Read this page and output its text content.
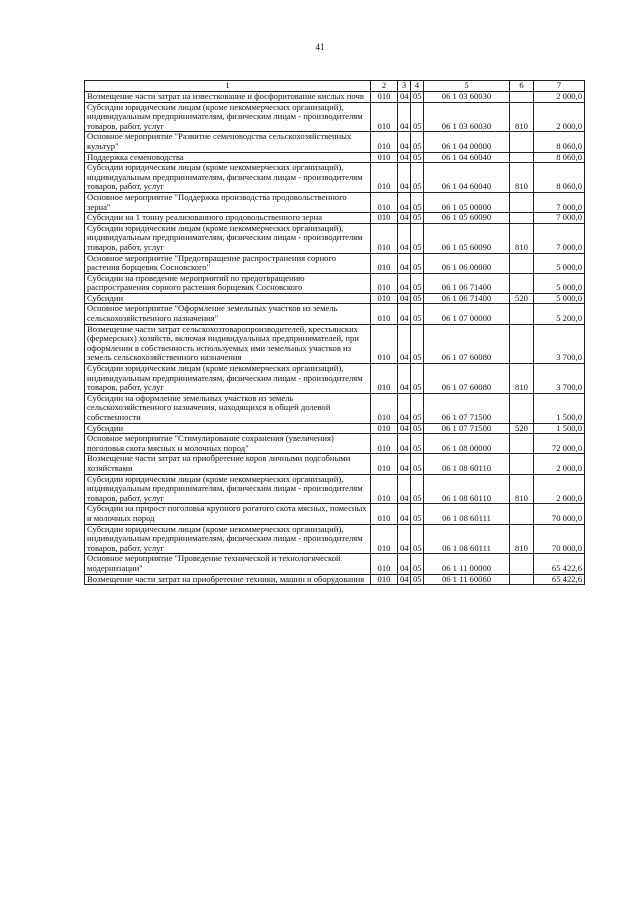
41
1	2	3	4	5	6	7
Возмещение части затрат на известкование и фосфоритование кислых почв	010	04	05	06 1 03 60030		2 000,0
Субсидии юридическим лицам (кроме некоммерческих организаций), индивидуальным предпринимателям, физическим лицам - производителям товаров, работ, услуг	010	04	05	06 1 03 60030	810	2 000,0
Основное мероприятие "Развитие семеноводства сельскохозяйственных культур"	010	04	05	06 1 04 00000		8 060,0
Поддержка семеноводства	010	04	05	06 1 04 60040		8 060,0
Субсидии юридическим лицам (кроме некоммерческих организаций), индивидуальным предпринимателям, физическим лицам - производителям товаров, работ, услуг	010	04	05	06 1 04 60040	810	8 060,0
Основное мероприятие "Поддержка производства продовольственного зерна"	010	04	05	06 1 05 00000		7 000,0
Субсидии на 1 тонну реализованного продовольственного зерна	010	04	05	06 1 05 60090		7 000,0
Субсидии юридическим лицам (кроме некоммерческих организаций), индивидуальным предпринимателям, физическим лицам - производителям товаров, работ, услуг	010	04	05	06 1 05 60090	810	7 000,0
Основное мероприятие "Предотвращение распространения сорного растения борщевик Сосновского"	010	04	05	06 1 06 00000		5 000,0
Субсидии на проведение мероприятий по предотвращению распространения сорного растения борщевик Сосновского	010	04	05	06 1 06 71400		5 000,0
Субсидии	010	04	05	06 1 06 71400	520	5 000,0
Основное мероприятие "Оформление земельных участков из земель сельскохозяйственного назначения"	010	04	05	06 1 07 00000		5 200,0
Возмещение части затрат сельскохозтоваропроизводителей, крестьянских (фермерских) хозяйств, включая индивидуальных предпринимателей, при оформлении в собственность используемых ими земельных участков из земель сельскохозяйственного назначения	010	04	05	06 1 07 60080		3 700,0
Субсидии юридическим лицам (кроме некоммерческих организаций), индивидуальным предпринимателям, физическим лицам - производителям товаров, работ, услуг	010	04	05	06 1 07 60080	810	3 700,0
Субсидии на оформление земельных участков из земель сельскохозяйственного назначения, находящихся в общей долевой собственности	010	04	05	06 1 07 71500		1 500,0
Субсидии	010	04	05	06 1 07 71500	520	1 500,0
Основное мероприятие "Стимулирование сохранения (увеличения) поголовья скота мясных и молочных пород"	010	04	05	06 1 08 00000		72 000,0
Возмещение части затрат на приобретение коров личными подсобными хозяйствами	010	04	05	06 1 08 60110		2 000,0
Субсидии юридическим лицам (кроме некоммерческих организаций), индивидуальным предпринимателям, физическим лицам - производителям товаров, работ, услуг	010	04	05	06 1 08 60110	810	2 000,0
Субсидии на прирост поголовья крупного рогатого скота мясных, помесных и молочных пород	010	04	05	06 1 08 60111		70 000,0
Субсидии юридическим лицам (кроме некоммерческих организаций), индивидуальным предпринимателям, физическим лицам - производителям товаров, работ, услуг	010	04	05	06 1 08 60111	810	70 000,0
Основное мероприятие "Проведение технической и технологической модернизации"	010	04	05	06 1 11 00000		65 422,6
Возмещение части затрат на приобретение техники, машин и оборудования	010	04	05	06 1 11 60060		65 422,6
